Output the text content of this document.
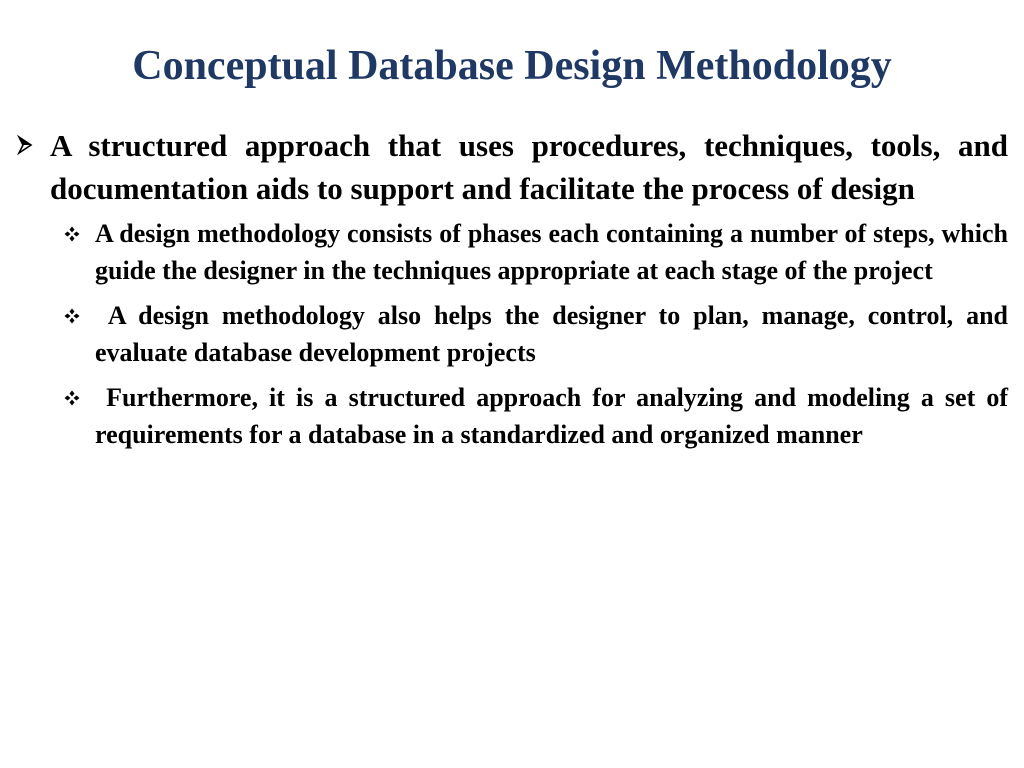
Conceptual Database Design Methodology
A structured approach that uses procedures, techniques, tools, and documentation aids to support and facilitate the process of design
A design methodology consists of phases each containing a number of steps, which guide the designer in the techniques appropriate at each stage of the project
A design methodology also helps the designer to plan, manage, control, and evaluate database development projects
Furthermore, it is a structured approach for analyzing and modeling a set of requirements for a database in a standardized and organized manner
